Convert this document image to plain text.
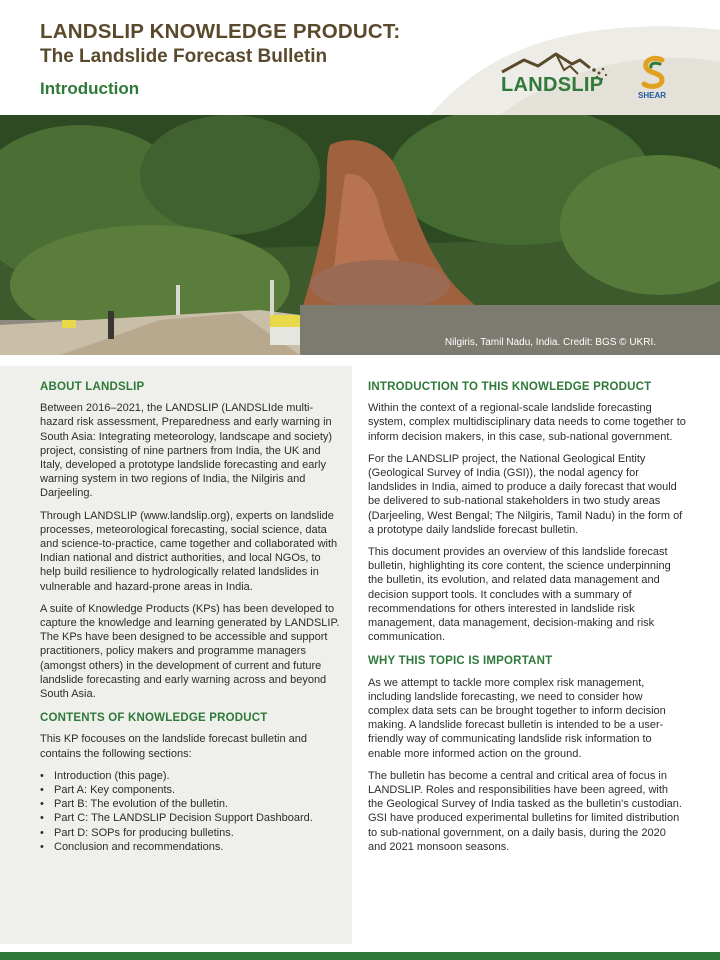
LANDSLIP KNOWLEDGE PRODUCT:
The Landslide Forecast Bulletin
Introduction	LANDSLIP	SHEAR
Nilgiris, Tamil Nadu, India. Credit: BGS © UKRI.
ABOUT LANDSLIP

Between 2016–2021, the LANDSLIP (LANDSLIde multi-hazard risk assessment, Preparedness and early warning in South Asia: Integrating meteorology, landscape and society) project, consisting of nine partners from India, the UK and Italy, developed a prototype landslide forecasting and early warning system in two regions of India, the Nilgiris and Darjeeling.

Through LANDSLIP (www.landslip.org), experts on landslide processes, meteorological forecasting, social science, data and science-to-practice, came together and collaborated with Indian national and district authorities, and local NGOs, to help build resilience to hydrologically related landslides in vulnerable and hazard-prone areas in India.

A suite of Knowledge Products (KPs) has been developed to capture the knowledge and learning generated by LANDSLIP. The KPs have been designed to be accessible and support practitioners, policy makers and programme managers (amongst others) in the development of current and future landslide forecasting and early warning across and beyond South Asia.

CONTENTS OF KNOWLEDGE PRODUCT

This KP focouses on the landslide forecast bulletin and contains the following sections:

• Introduction (this page).
• Part A: Key components.
• Part B: The evolution of the bulletin.
• Part C: The LANDSLIP Decision Support Dashboard.
• Part D: SOPs for producing bulletins.
• Conclusion and recommendations.
INTRODUCTION TO THIS KNOWLEDGE PRODUCT

Within the context of a regional-scale landslide forecasting system, complex multidisciplinary data needs to come together to inform decision makers, in this case, sub-national government.

For the LANDSLIP project, the National Geological Entity (Geological Survey of India (GSI)), the nodal agency for landslides in India, aimed to produce a daily forecast that would be delivered to sub-national stakeholders in two study areas (Darjeeling, West Bengal; The Nilgiris, Tamil Nadu) in the form of a prototype daily landslide forecast bulletin.

This document provides an overview of this landslide forecast bulletin, highlighting its core content, the science underpinning the bulletin, its evolution, and related data management and decision support tools. It concludes with a summary of recommendations for others interested in landslide risk management, data management, decision-making and risk communication.

WHY THIS TOPIC IS IMPORTANT

As we attempt to tackle more complex risk management, including landslide forecasting, we need to consider how complex data sets can be brought together to inform decision making. A landslide forecast bulletin is intended to be a user-friendly way of communicating landslide risk information to enable more informed action on the ground.

The bulletin has become a central and critical area of focus in LANDSLIP. Roles and responsibilities have been agreed, with the Geological Survey of India tasked as the bulletin's custodian. GSI have produced experimental bulletins for limited distribution to sub-national government, on a daily basis, during the 2020 and 2021 monsoon seasons.
